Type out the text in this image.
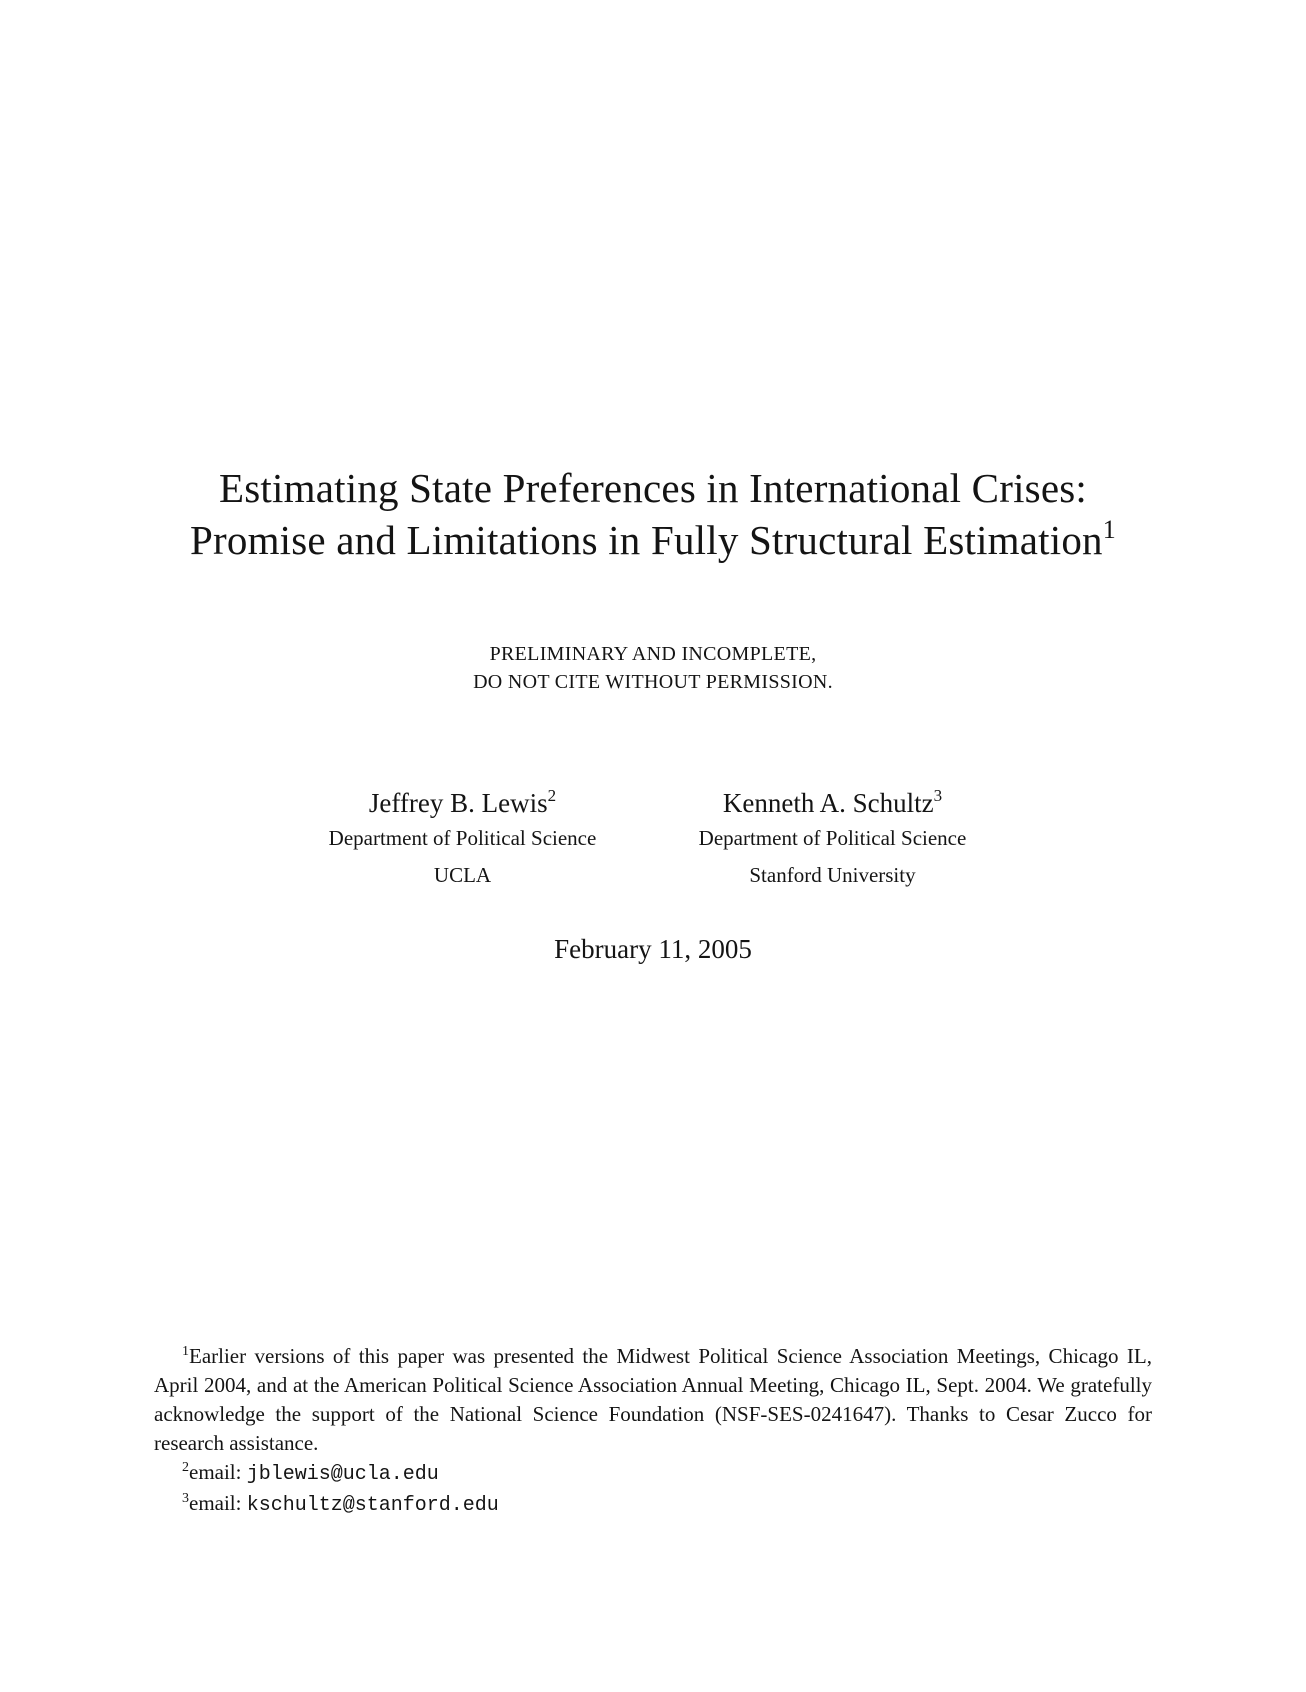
Estimating State Preferences in International Crises:
Promise and Limitations in Fully Structural Estimation$^1$
PRELIMINARY AND INCOMPLETE,
DO NOT CITE WITHOUT PERMISSION.
Jeffrey B. Lewis$^2$
Department of Political Science
UCLA
Kenneth A. Schultz$^3$
Department of Political Science
Stanford University
February 11, 2005

$^1$Earlier versions of this paper was presented the Midwest Political Science Association Meetings, Chicago IL, April 2004, and at the American Political Science Association Annual Meeting, Chicago IL, Sept. 2004. We gratefully acknowledge the support of the National Science Foundation (NSF-SES-0241647). Thanks to Cesar Zucco for research assistance.

$^2$email: jblewis@ucla.edu

$^3$email: kschultz@stanford.edu
